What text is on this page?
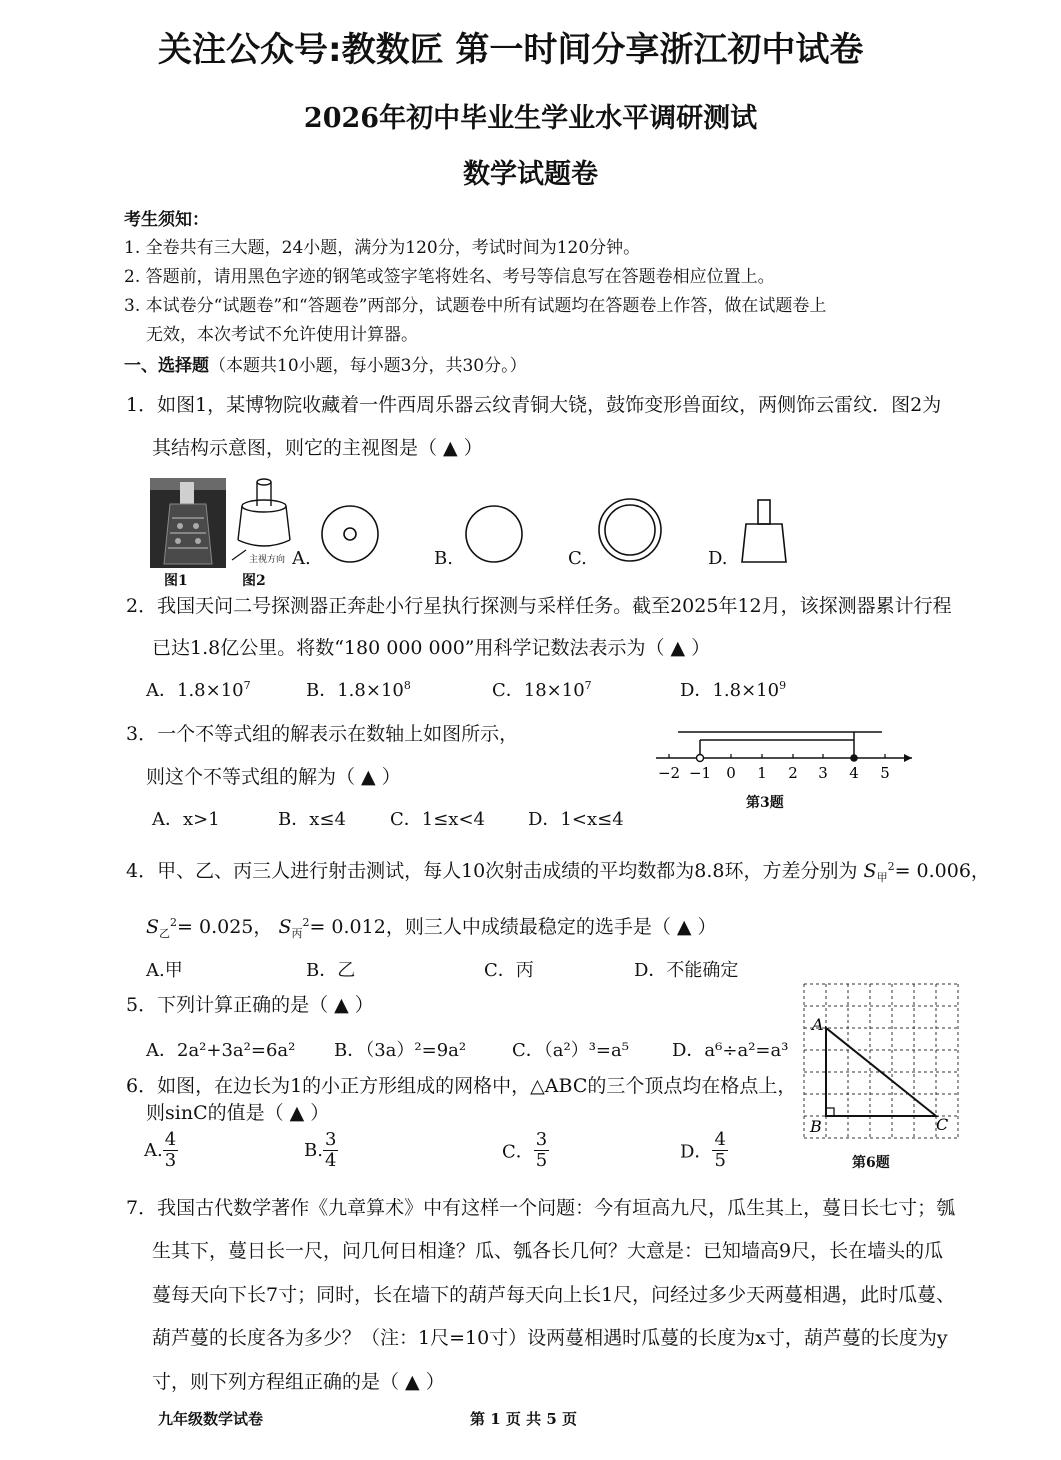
关注公众号:教数匠 第一时间分享浙江初中试卷
2026年初中毕业生学业水平调研测试
数学试题卷
考生须知：
1. 全卷共有三大题，24小题，满分为120分，考试时间为120分钟。
2. 答题前，请用黑色字迹的钢笔或签字笔将姓名、考号等信息写在答题卷相应位置上。
3. 本试卷分“试题卷”和“答题卷”两部分，试题卷中所有试题均在答题卷上作答，做在试题卷上
无效，本次考试不允许使用计算器。
一、选择题（本题共10小题，每小题3分，共30分。）
1．如图1，某博物院收藏着一件西周乐器云纹青铜大铙，鼓饰变形兽面纹，两侧饰云雷纹．图2为
其结构示意图，则它的主视图是（ ▲ ）
主视方向
图1	图2
A.	B.	C.	D.
2．我国天问二号探测器正奔赴小行星执行探测与采样任务。截至2025年12月，该探测器累计行程
已达1.8亿公里。将数“180 000 000”用科学记数法表示为（ ▲ ）
A．$1.8\times 10^7$	B．$1.8\times 10^8$	C．$18\times 10^7$	D．$1.8\times 10^9$
3．一个不等式组的解表示在数轴上如图所示，
则这个不等式组的解为（ ▲ ）
A．x>1	B．x≤4 C．1≤x<4 D．1<x≤4
−2 −1 0 1 2 3 4 5
第3题
4．甲、乙、丙三人进行射击测试，每人10次射击成绩的平均数都为8.8环，方差分别为 $S_甲^2= 0.006$，
$S_乙^2= 0.025$， $S_丙^2= 0.012$，则三人中成绩最稳定的选手是（ ▲ ）
A.甲	B．乙	C．丙	D．不能确定
5．下列计算正确的是（ ▲ ）
A．2a²+3a²=6a² B．（3a）²=9a²	C．（a²）³=a⁵ D．a⁶÷a²=a³
6．如图，在边长为1的小正方形组成的网格中，△ABC的三个顶点均在格点上，
则sinC的值是（ ▲ ）
A. $\frac{4}{3}$	B. $\frac{3}{4}$	C． $\frac{3}{5}$	D． $\frac{4}{5}$
A
B	C
第6题
7．我国古代数学著作《九章算术》中有这样一个问题：今有垣高九尺，瓜生其上，蔓日长七寸；瓠
生其下，蔓日长一尺，问几何日相逢？瓜、瓠各长几何？大意是：已知墙高9尺，长在墙头的瓜
蔓每天向下长7寸；同时，长在墙下的葫芦每天向上长1尺，问经过多少天两蔓相遇，此时瓜蔓、
葫芦蔓的长度各为多少？（注：1尺=10寸）设两蔓相遇时瓜蔓的长度为x寸，葫芦蔓的长度为y
寸，则下列方程组正确的是（ ▲ ）
九年级数学试卷	第 1 页 共 5 页
